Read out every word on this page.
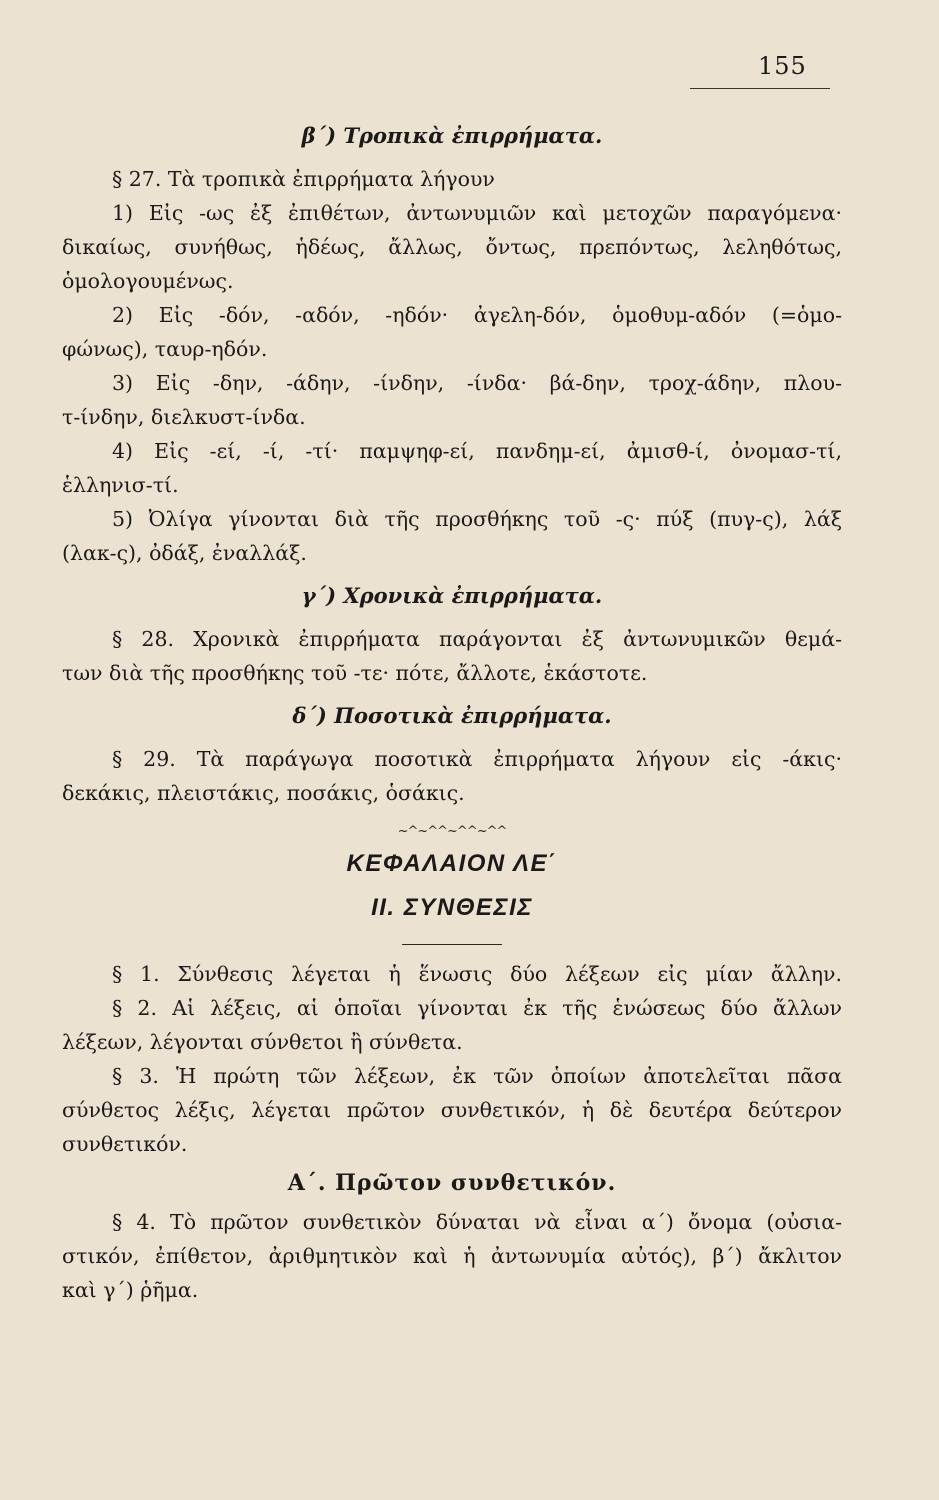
155
β΄) Τροπικὰ ἐπιρρήματα.
§ 27. Τὰ τροπικὰ ἐπιρρήματα λήγουν
1) Εἰς -ως ἐξ ἐπιθέτων, ἀντωνυμιῶν καὶ μετοχῶν παραγόμενα·
δικαίως, συνήθως, ἡδέως, ἄλλως, ὄντως, πρεπόντως, λεληθότως,
ὁμολογουμένως.
2) Εἰς -δόν, -αδόν, -ηδόν· ἀγελη-δόν, ὁμοθυμ-αδόν (=ὁμο-
φώνως), ταυρ-ηδόν.
3) Εἰς -δην, -άδην, -ίνδην, -ίνδα· βά-δην, τροχ-άδην, πλου-
τ-ίνδην, διελκυστ-ίνδα.
4) Εἰς -εί, -ί, -τί· παμψηφ-εί, πανδημ-εί, ἀμισθ-ί, ὀνομασ-τί,
ἑλληνισ-τί.
5) Ὀλίγα γίνονται διὰ τῆς προσθήκης τοῦ -ς· πύξ (πυγ-ς), λάξ
(λακ-ς), ὀδάξ, ἐναλλάξ.
γ΄) Χρονικὰ ἐπιρρήματα.
§ 28. Χρονικὰ ἐπιρρήματα παράγονται ἐξ ἀντωνυμικῶν θεμά-
των διὰ τῆς προσθήκης τοῦ -τε· πότε, ἄλλοτε, ἑκάστοτε.
δ΄) Ποσοτικὰ ἐπιρρήματα.
§ 29. Τὰ παράγωγα ποσοτικὰ ἐπιρρήματα λήγουν εἰς -άκις·
δεκάκις, πλειστάκις, ποσάκις, ὁσάκις.
~^~^^~^^~^^
ΚΕΦΑΛΑΙΟΝ ΛΕ΄
ΙΙ. ΣΥΝΘΕΣΙΣ
§ 1. Σύνθεσις λέγεται ἡ ἕνωσις δύο λέξεων εἰς μίαν ἄλλην.
§ 2. Αἱ λέξεις, αἱ ὁποῖαι γίνονται ἐκ τῆς ἑνώσεως δύο ἄλλων
λέξεων, λέγονται σύνθετοι ἢ σύνθετα.
§ 3. Ἡ πρώτη τῶν λέξεων, ἐκ τῶν ὁποίων ἀποτελεῖται πᾶσα
σύνθετος λέξις, λέγεται πρῶτον συνθετικόν, ἡ δὲ δευτέρα δεύτερον
συνθετικόν.
Α΄. Πρῶτον συνθετικόν.
§ 4. Τὸ πρῶτον συνθετικὸν δύναται νὰ εἶναι α΄) ὄνομα (οὐσια-
στικόν, ἐπίθετον, ἀριθμητικὸν καὶ ἡ ἀντωνυμία αὐτός), β΄) ἄκλιτον
καὶ γ΄) ῥῆμα.
